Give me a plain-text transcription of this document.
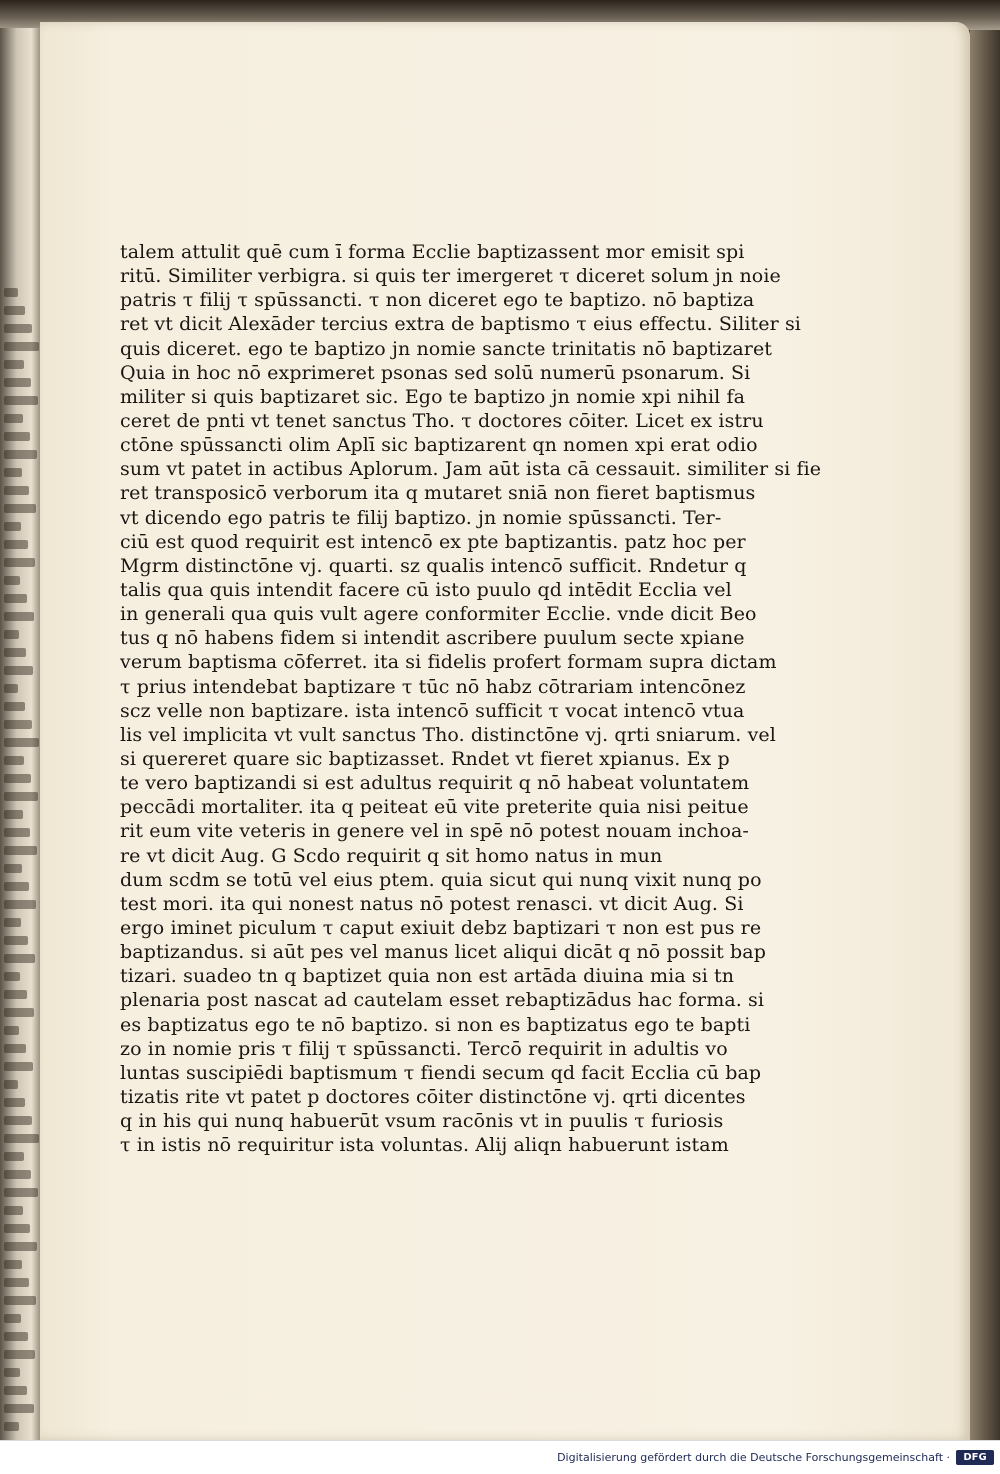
talem attulit quē cum ī forma Ecclie baptizassent mor emisit spi
ritū. Similiter verbigra. si quis ter imergeret τ diceret solum jn noie
patris τ filij τ spūssancti. τ non diceret ego te baptizo. nō baptiza
ret vt dicit Alexāder tercius extra de baptismo τ eius effectu. Siliter si
quis diceret. ego te baptizo jn nomie sancte trinitatis nō baptizaret
Quia in hoc nō exprimeret psonas sed solū numerū psonarum. Si
militer si quis baptizaret sic. Ego te baptizo jn nomie xpi nihil fa
ceret de pnti vt tenet sanctus Tho. τ doctores cōiter. Licet ex istru
ctōne spūssancti olim Aplī sic baptizarent qn nomen xpi erat odio
sum vt patet in actibus Aplorum. Jam aūt ista cā cessauit. similiter si fie
ret transposicō verborum ita q mutaret sniā non fieret baptismus
vt dicendo ego patris te filij baptizo. jn nomie spūssancti. Ter-
ciū est quod requirit est intencō ex pte baptizantis. patz hoc per
Mgrm distinctōne vj. quarti. sz qualis intencō sufficit. Rndetur q
talis qua quis intendit facere cū isto puulo qd intēdit Ecclia vel
in generali qua quis vult agere conformiter Ecclie. vnde dicit Beo
tus q nō habens fidem si intendit ascribere puulum secte xpiane
verum baptisma cōferret. ita si fidelis profert formam supra dictam
τ prius intendebat baptizare τ tūc nō habz cōtrariam intencōnez
scz velle non baptizare. ista intencō sufficit τ vocat intencō vtua
lis vel implicita vt vult sanctus Tho. distinctōne vj. qrti sniarum. vel
si quereret quare sic baptizasset. Rndet vt fieret xpianus. Ex p
te vero baptizandi si est adultus requirit q nō habeat voluntatem
peccādi mortaliter. ita q peiteat eū vite preterite quia nisi peitue
rit eum vite veteris in genere vel in spē nō potest nouam inchoa-
re vt dicit Aug. G Scdo requirit q sit homo natus in mun
dum scdm se totū vel eius ptem. quia sicut qui nunq vixit nunq po
test mori. ita qui nonest natus nō potest renasci. vt dicit Aug. Si
ergo iminet piculum τ caput exiuit debz baptizari τ non est pus re
baptizandus. si aūt pes vel manus licet aliqui dicāt q nō possit bap
tizari. suadeo tn q baptizet quia non est artāda diuina mia si tn
plenaria post nascat ad cautelam esset rebaptizādus hac forma. si
es baptizatus ego te nō baptizo. si non es baptizatus ego te bapti
zo in nomie pris τ filij τ spūssancti. Tercō requirit in adultis vo
luntas suscipiēdi baptismum τ fiendi secum qd facit Ecclia cū bap
tizatis rite vt patet p doctores cōiter distinctōne vj. qrti dicentes
q in his qui nunq habuerūt vsum racōnis vt in puulis τ furiosis
τ in istis nō requiritur ista voluntas. Alij aliqn habuerunt istam
Digitalisierung gefördert durch die Deutsche Forschungsgemeinschaft ·	DFG
